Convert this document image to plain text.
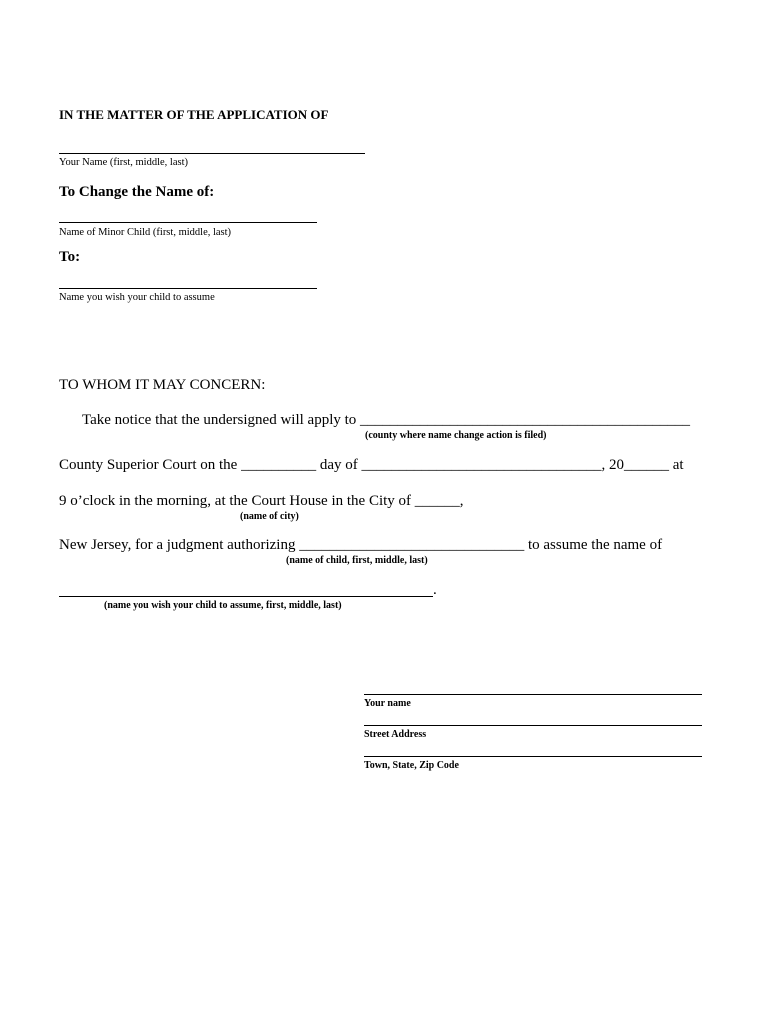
IN THE MATTER OF THE APPLICATION OF
Your Name (first, middle, last)
To Change the Name of:
Name of Minor Child (first, middle, last)
To:
Name you wish your child to assume
TO WHOM IT MAY CONCERN:
Take notice that the undersigned will apply to ____________________________________________
(county where name change action is filed)
County Superior Court on the __________ day of ________________________________, 20______ at
9 o’clock in the morning, at the Court House in the City of ______,
(name of city)
New Jersey, for a judgment authorizing ______________________________ to assume the name of
(name of child, first, middle, last)
.
(name you wish your child to assume, first, middle, last)
Your name
Street Address
Town, State, Zip Code
